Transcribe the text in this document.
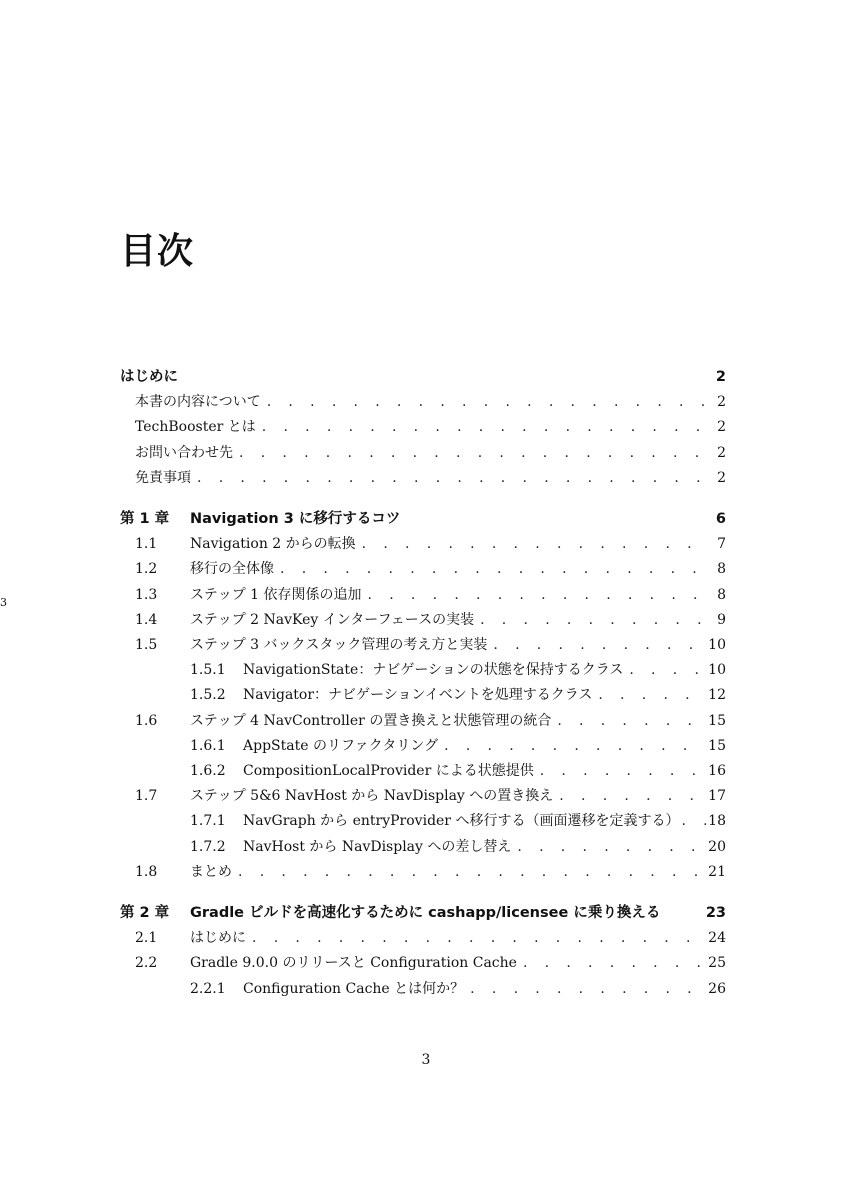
3
目次
はじめに	2
本書の内容について . . .	2
TechBooster とは . . .	2
お問い合わせ先 . . .	2
免責事項 . . .	2
第 1 章	Navigation 3 に移行するコツ	6
1.1	Navigation 2 からの転換 . . .	7
1.2	移行の全体像 . . .	8
1.3	ステップ 1 依存関係の追加 . . .	8
1.4	ステップ 2 NavKey インターフェースの実装 . . .	9
1.5	ステップ 3 バックスタック管理の考え方と実装 . . .	10
1.5.1	NavigationState：ナビゲーションの状態を保持するクラス . . .	10
1.5.2	Navigator：ナビゲーションイベントを処理するクラス . . .	12
1.6	ステップ 4 NavController の置き換えと状態管理の統合 . . .	15
1.6.1	AppState のリファクタリング . . .	15
1.6.2	CompositionLocalProvider による状態提供 . . .	16
1.7	ステップ 5&6 NavHost から NavDisplay への置き換え . . .	17
1.7.1	NavGraph から entryProvider へ移行する（画面遷移を定義する） . . . 18
1.7.2	NavHost から NavDisplay への差し替え . . .	20
1.8	まとめ . . .	21
第 2 章	Gradle ビルドを高速化するために cashapp/licensee に乗り換える	23
2.1	はじめに . . .	24
2.2	Gradle 9.0.0 のリリースと Configuration Cache . . .	25
2.2.1	Configuration Cache とは何か？ . . .	26
3
